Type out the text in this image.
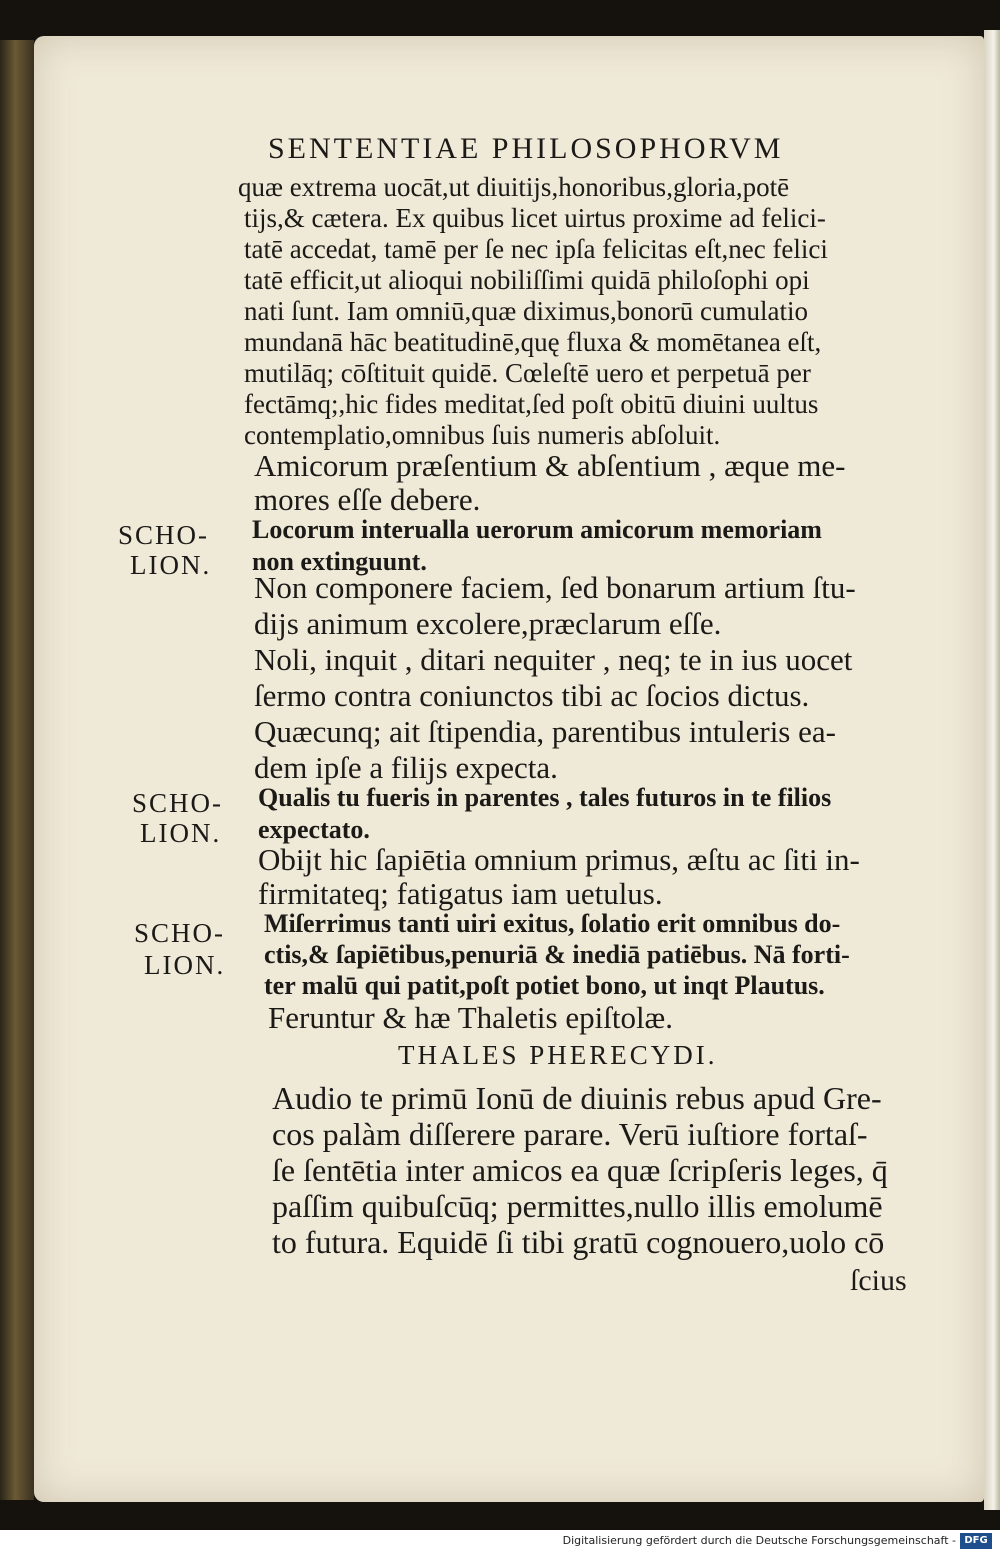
SENTENTIAE PHILOSOPHORVM
quæ extrema uocāt,ut diuitijs,honoribus,gloria,potē
tijs,& cætera. Ex quibus licet uirtus proxime ad felici-
tatē accedat, tamē per ſe nec ipſa felicitas eſt,nec felici
tatē efficit,ut alioqui nobiliſſimi quidā philoſophi opi
nati ſunt. Iam omniū,quæ diximus,bonorū cumulatio
mundanā hāc beatitudinē,quę fluxa & momētanea eſt,
mutilāq; cōſtituit quidē. Cœleſtē uero et perpetuā per
fectāmq;,hic fides meditat,ſed poſt obitū diuini uultus
contemplatio,omnibus ſuis numeris abſoluit.
Amicorum præſentium & abſentium , æque me-
mores eſſe debere.
SCHO-
LION.
Locorum interualla uerorum amicorum memoriam
non extinguunt.
Non componere faciem, ſed bonarum artium ſtu-
dijs animum excolere,præclarum eſſe.
Noli, inquit , ditari nequiter , neq; te in ius uocet
ſermo contra coniunctos tibi ac ſocios dictus.
Quæcunq; ait ſtipendia, parentibus intuleris ea-
dem ipſe a filijs expecta.
SCHO-
LION.
Qualis tu fueris in parentes , tales futuros in te filios
expectato.
Obijt hic ſapiētia omnium primus, æſtu ac ſiti in-
firmitateq; fatigatus iam uetulus.
SCHO-
LION.
Miſerrimus tanti uiri exitus, ſolatio erit omnibus do-
ctis,& ſapiētibus,penuriā & inediā patiēbus. Nā forti-
ter malū qui patit,poſt potiet bono, ut inqt Plautus.
Feruntur & hæ Thaletis epiſtolæ.
THALES PHERECYDI.
Audio te primū Ionū de diuinis rebus apud Gre-
cos palàm diſſerere parare. Verū iuſtiore fortaſ-
ſe ſentētia inter amicos ea quæ ſcripſeris leges, q̄
paſſim quibuſcūq; permittes,nullo illis emolumē
to futura. Equidē ſi tibi gratū cognouero,uolo cō
ſcius
Digitalisierung gefördert durch die Deutsche Forschungsgemeinschaft - DFG
